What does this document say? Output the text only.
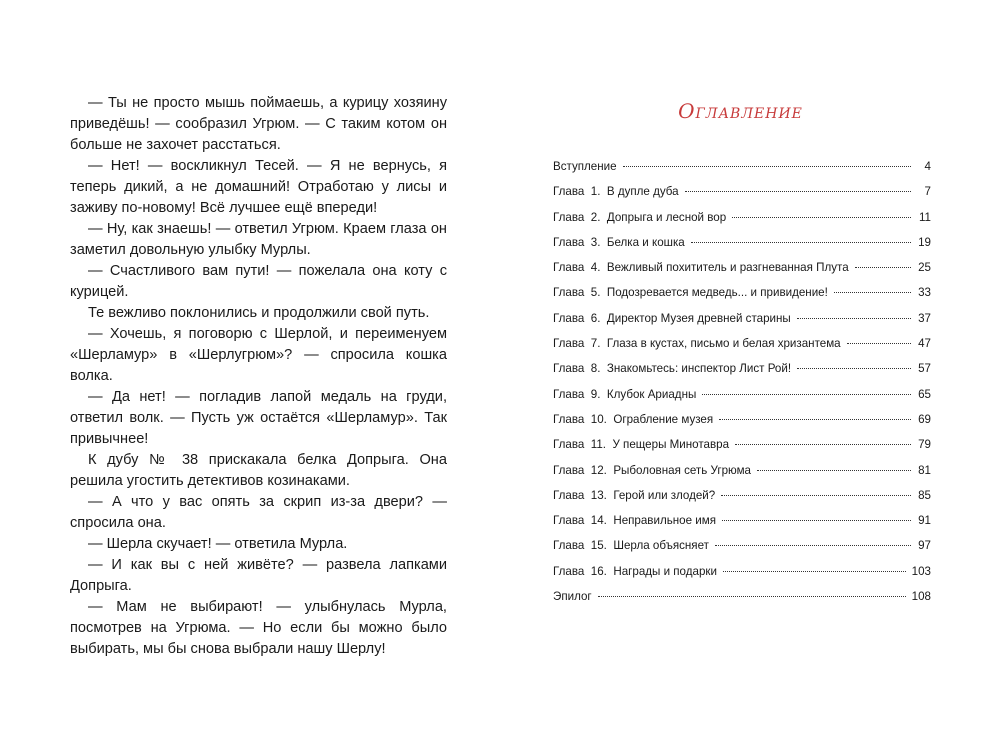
— Ты не просто мышь поймаешь, а курицу хозяину приведёшь! — сообразил Угрюм. — С таким котом он больше не захочет расстаться.

— Нет! — воскликнул Тесей. — Я не вернусь, я теперь дикий, а не домашний! Отработаю у лисы и заживу по-новому! Всё лучшее ещё впереди!

— Ну, как знаешь! — ответил Угрюм. Краем глаза он заметил довольную улыбку Мурлы.

— Счастливого вам пути! — пожелала она коту с курицей.

Те вежливо поклонились и продолжили свой путь.

— Хочешь, я поговорю с Шерлой, и переименуем «Шерламур» в «Шерлугрюм»? — спросила кошка волка.

— Да нет! — погладив лапой медаль на груди, ответил волк. — Пусть уж остаётся «Шерламур». Так привычнее!

К дубу № 38 прискакала белка Допрыга. Она решила угостить детективов козинаками.

— А что у вас опять за скрип из-за двери? — спросила она.

— Шерла скучает! — ответила Мурла.

— И как вы с ней живёте? — развела лапками Допрыга.

— Мам не выбирают! — улыбнулась Мурла, посмотрев на Угрюма. — Но если бы можно было выбирать, мы бы снова выбрали нашу Шерлу!

Оглавление
Вступление	4
Глава  1.  В дупле дуба	7
Глава  2.  Допрыга и лесной вор	11
Глава  3.  Белка и кошка	19
Глава  4.  Вежливый похититель и разгневанная Плута	25
Глава  5.  Подозревается медведь... и привидение!	33
Глава  6.  Директор Музея древней старины	37
Глава  7.  Глаза в кустах, письмо и белая хризантема	47
Глава  8.  Знакомьтесь: инспектор Лист Рой!	57
Глава  9.  Клубок Ариадны	65
Глава  10.  Ограбление музея	69
Глава  11.  У пещеры Минотавра	79
Глава  12.  Рыболовная сеть Угрюма	81
Глава  13.  Герой или злодей?	85
Глава  14.  Неправильное имя	91
Глава  15.  Шерла объясняет	97
Глава  16.  Награды и подарки	103
Эпилог	108
